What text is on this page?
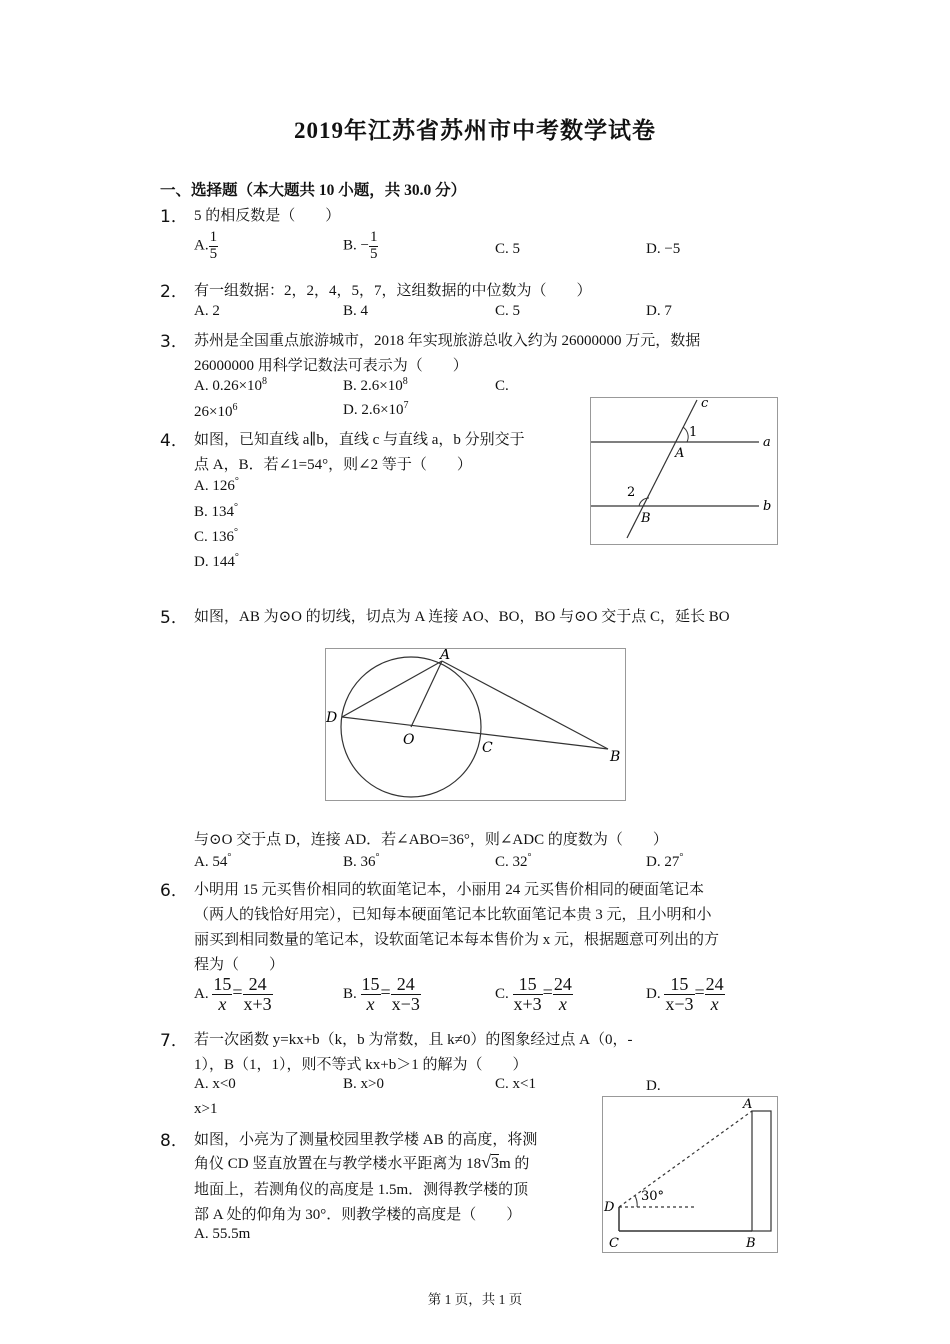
2019年江苏省苏州市中考数学试卷
一、选择题（本大题共 10 小题，共 30.0 分）
1． 5 的相反数是（　　）
A. $\frac{1}{5}$	B. − $\frac{1}{5}$	C. 5	D. −5
2． 有一组数据：2，2，4，5，7，这组数据的中位数为（　　）
A. 2	B. 4	C. 5	D. 7
3． 苏州是全国重点旅游城市，2018 年实现旅游总收入约为 26000000 万元，数据
26000000 用科学记数法可表示为（　　）
A. $0.26\times 10^8$	B. $2.6\times 10^8$	C.
$26\times 10^6$	D. $2.6\times 10^7$
4． 如图，已知直线 a∥b，直线 c 与直线 a，b 分别交于
点 A，B．若∠1=54°，则∠2 等于（　　）
A. 126°
B. 134°
C. 136°
D. 144°
c
1
A
a
2
B
b
5． 如图，AB 为⊙O 的切线，切点为 A 连接 AO、BO，BO 与⊙O 交于点 C，延长 BO
A
D
O	C
B
与⊙O 交于点 D，连接 AD．若∠ABO=36°，则∠ADC 的度数为（　　）
A. 54°	B. 36°	C. 32°	D. 27°
6． 小明用 15 元买售价相同的软面笔记本，小丽用 24 元买售价相同的硬面笔记本
（两人的钱恰好用完），已知每本硬面笔记本比软面笔记本贵 3 元，且小明和小
丽买到相同数量的笔记本，设软面笔记本每本售价为 x 元，根据题意可列出的方
程为（　　）
A. $\frac{15}{x} = \frac{24}{x+3}$	B. $\frac{15}{x} = \frac{24}{x-3}$	C. $\frac{15}{x+3} = \frac{24}{x}$	D. $\frac{15}{x-3} = \frac{24}{x}$
7． 若一次函数 y=kx+b（k，b 为常数，且 k≠0）的图象经过点 A（0，-
1），B（1，1），则不等式 kx+b＞1 的解为（　　）
A. x<0	B. x>0	C. x<1	D.
x>1
8． 如图，小亮为了测量校园里教学楼 AB 的高度，将测
角仪 CD 竖直放置在与教学楼水平距离为 18√3m 的
地面上，若测角仪的高度是 1.5m．测得教学楼的顶
部 A 处的仰角为 30°．则教学楼的高度是（　　）
A. 55.5m
A
D
30°
C	B
第 1 页，共 1 页
